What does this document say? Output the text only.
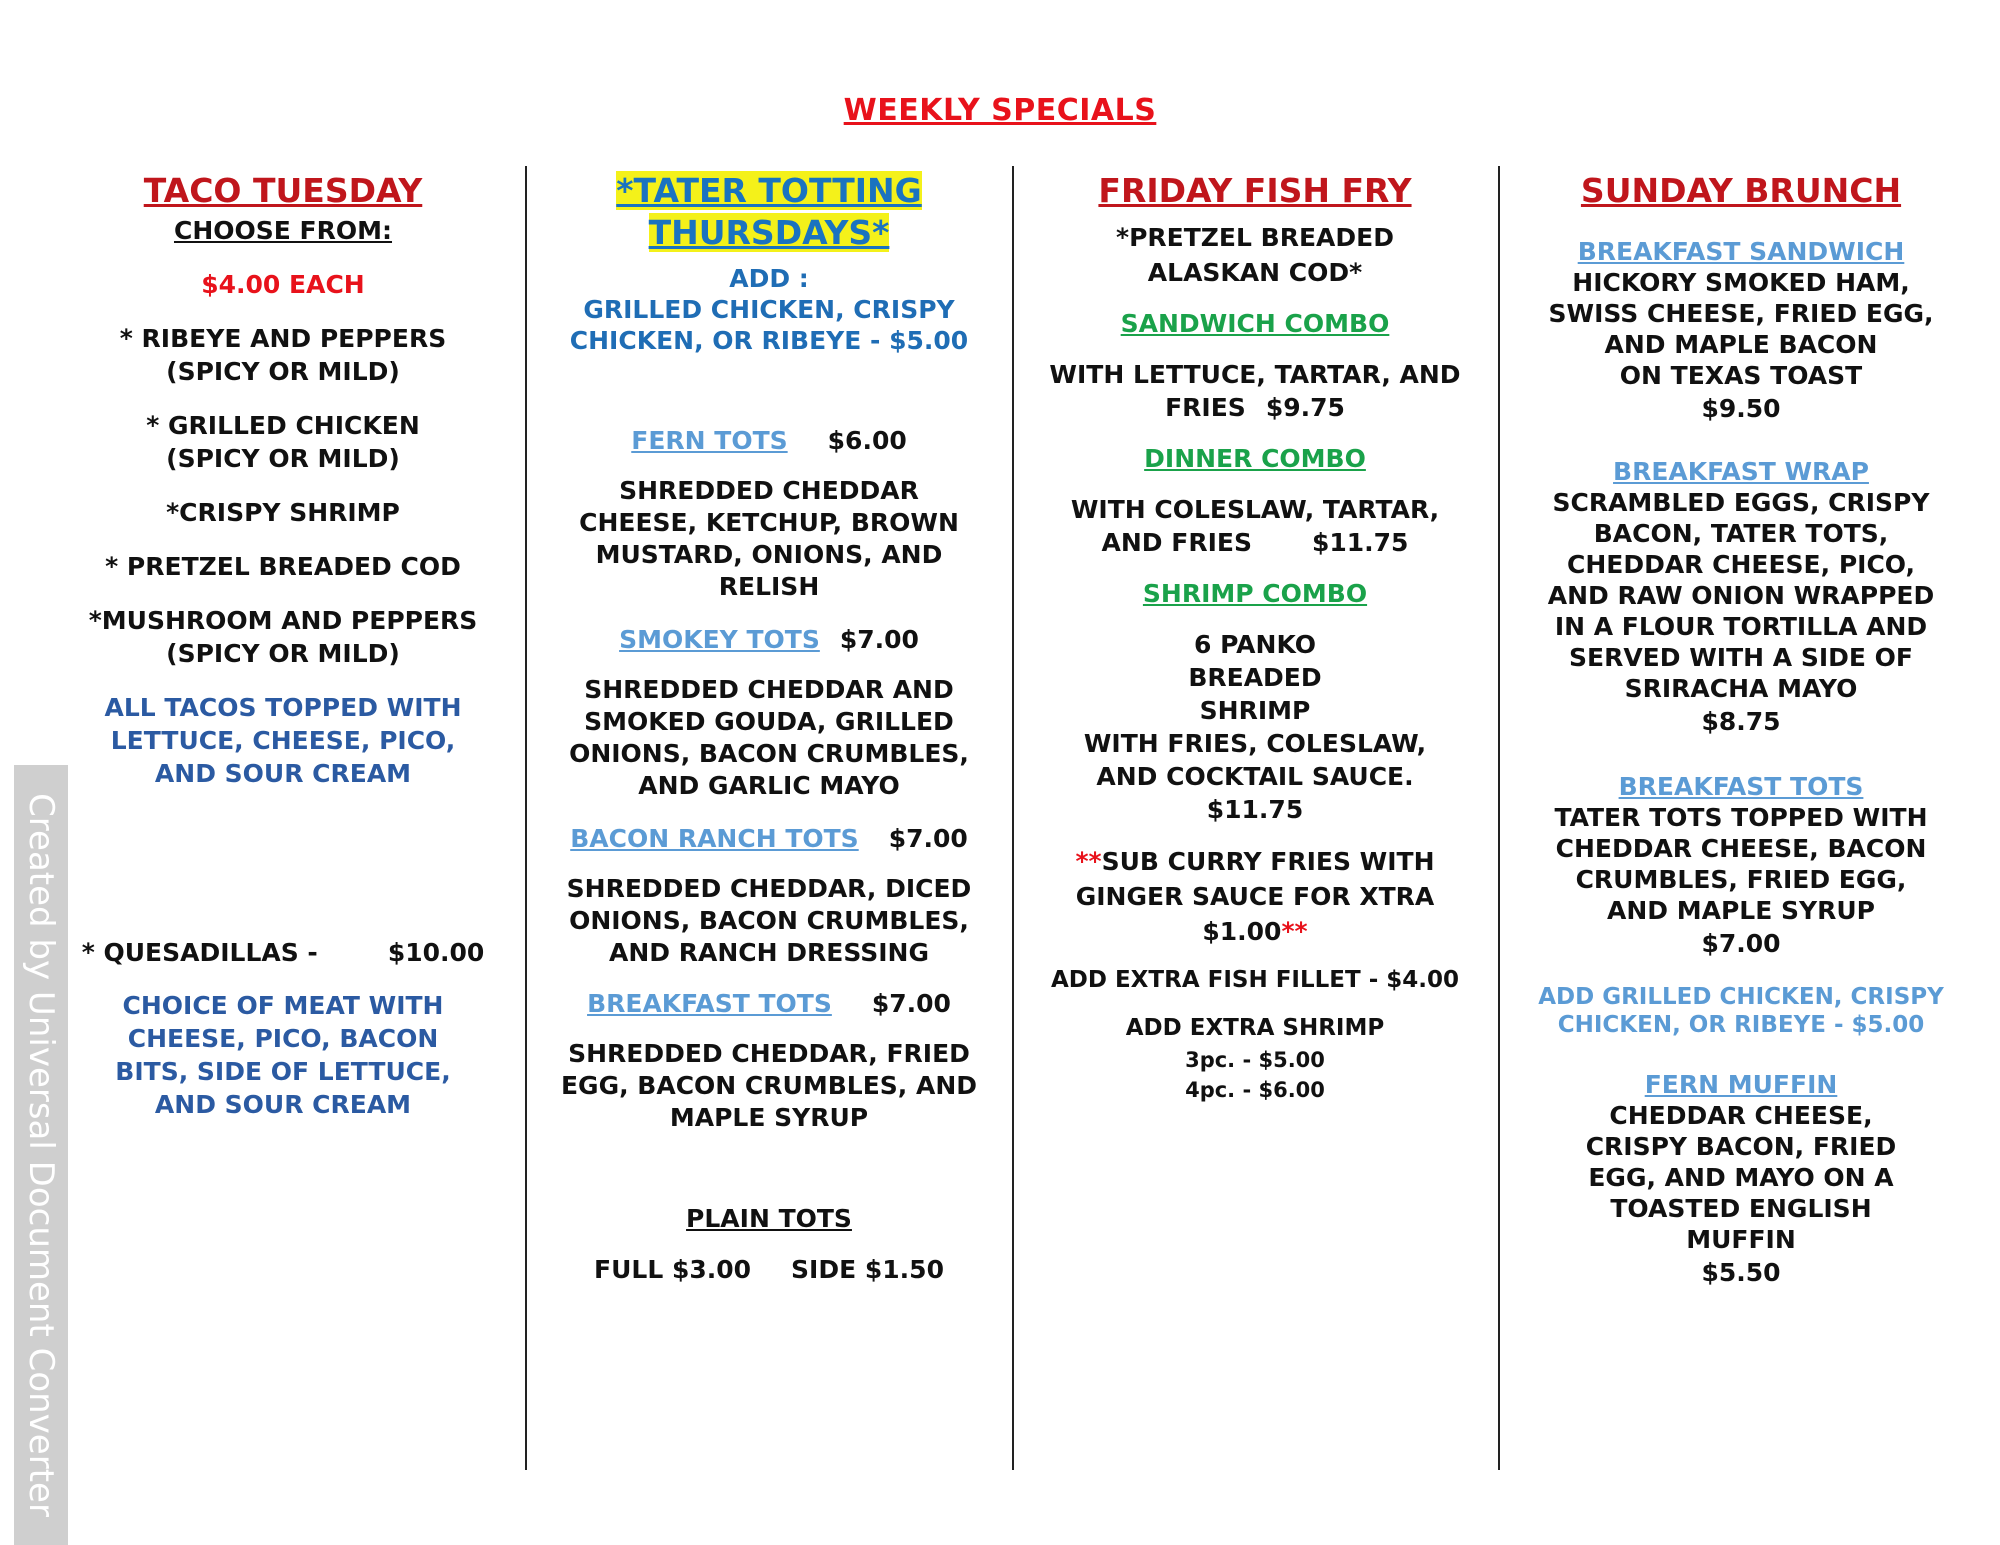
WEEKLY SPECIALS

TACO TUESDAY

CHOOSE FROM:

$4.00 EACH

* RIBEYE AND PEPPERS

(SPICY OR MILD)

* GRILLED CHICKEN

(SPICY OR MILD)

*CRISPY SHRIMP

* PRETZEL BREADED COD

*MUSHROOM AND PEPPERS

(SPICY OR MILD)

ALL TACOS TOPPED WITH LETTUCE, CHEESE, PICO, AND SOUR CREAM

* QUESADILLAS -	$10.00

CHOICE OF MEAT WITH CHEESE, PICO, BACON BITS, SIDE OF LETTUCE, AND SOUR CREAM

*TATER TOTTING

THURSDAYS*

ADD :

GRILLED CHICKEN, CRISPY CHICKEN, OR RIBEYE - $5.00

FERN TOTS $6.00

SHREDDED CHEDDAR CHEESE, KETCHUP, BROWN MUSTARD, ONIONS, AND RELISH

SMOKEY TOTS $7.00

SHREDDED CHEDDAR AND SMOKED GOUDA, GRILLED ONIONS, BACON CRUMBLES, AND GARLIC MAYO

BACON RANCH TOTS $7.00

SHREDDED CHEDDAR, DICED ONIONS, BACON CRUMBLES, AND RANCH DRESSING

BREAKFAST TOTS $7.00

SHREDDED CHEDDAR, FRIED EGG, BACON CRUMBLES, AND MAPLE SYRUP

PLAIN TOTS

FULL $3.00 SIDE $1.50

FRIDAY FISH FRY

*PRETZEL BREADED ALASKAN COD*

SANDWICH COMBO

WITH LETTUCE, TARTAR, AND

FRIES $9.75

DINNER COMBO

WITH COLESLAW, TARTAR,

AND FRIES $11.75

SHRIMP COMBO

6 PANKO BREADED SHRIMP

WITH FRIES, COLESLAW, AND COCKTAIL SAUCE.

$11.75

**SUB CURRY FRIES WITH GINGER SAUCE FOR XTRA $1.00**

ADD EXTRA FISH FILLET - $4.00

ADD EXTRA SHRIMP

3pc. - $5.00

4pc. - $6.00

SUNDAY BRUNCH

BREAKFAST SANDWICH

HICKORY SMOKED HAM, SWISS CHEESE, FRIED EGG, AND MAPLE BACON

ON TEXAS TOAST

$9.50

BREAKFAST WRAP

SCRAMBLED EGGS, CRISPY BACON, TATER TOTS, CHEDDAR CHEESE, PICO, AND RAW ONION WRAPPED IN A FLOUR TORTILLA AND SERVED WITH A SIDE OF SRIRACHA MAYO

$8.75

BREAKFAST TOTS

TATER TOTS TOPPED WITH CHEDDAR CHEESE, BACON CRUMBLES, FRIED EGG, AND MAPLE SYRUP

$7.00

ADD GRILLED CHICKEN, CRISPY CHICKEN, OR RIBEYE - $5.00

FERN MUFFIN

CHEDDAR CHEESE, CRISPY BACON, FRIED EGG, AND MAYO ON A TOASTED ENGLISH MUFFIN

$5.50

Created by Universal Document Converter
